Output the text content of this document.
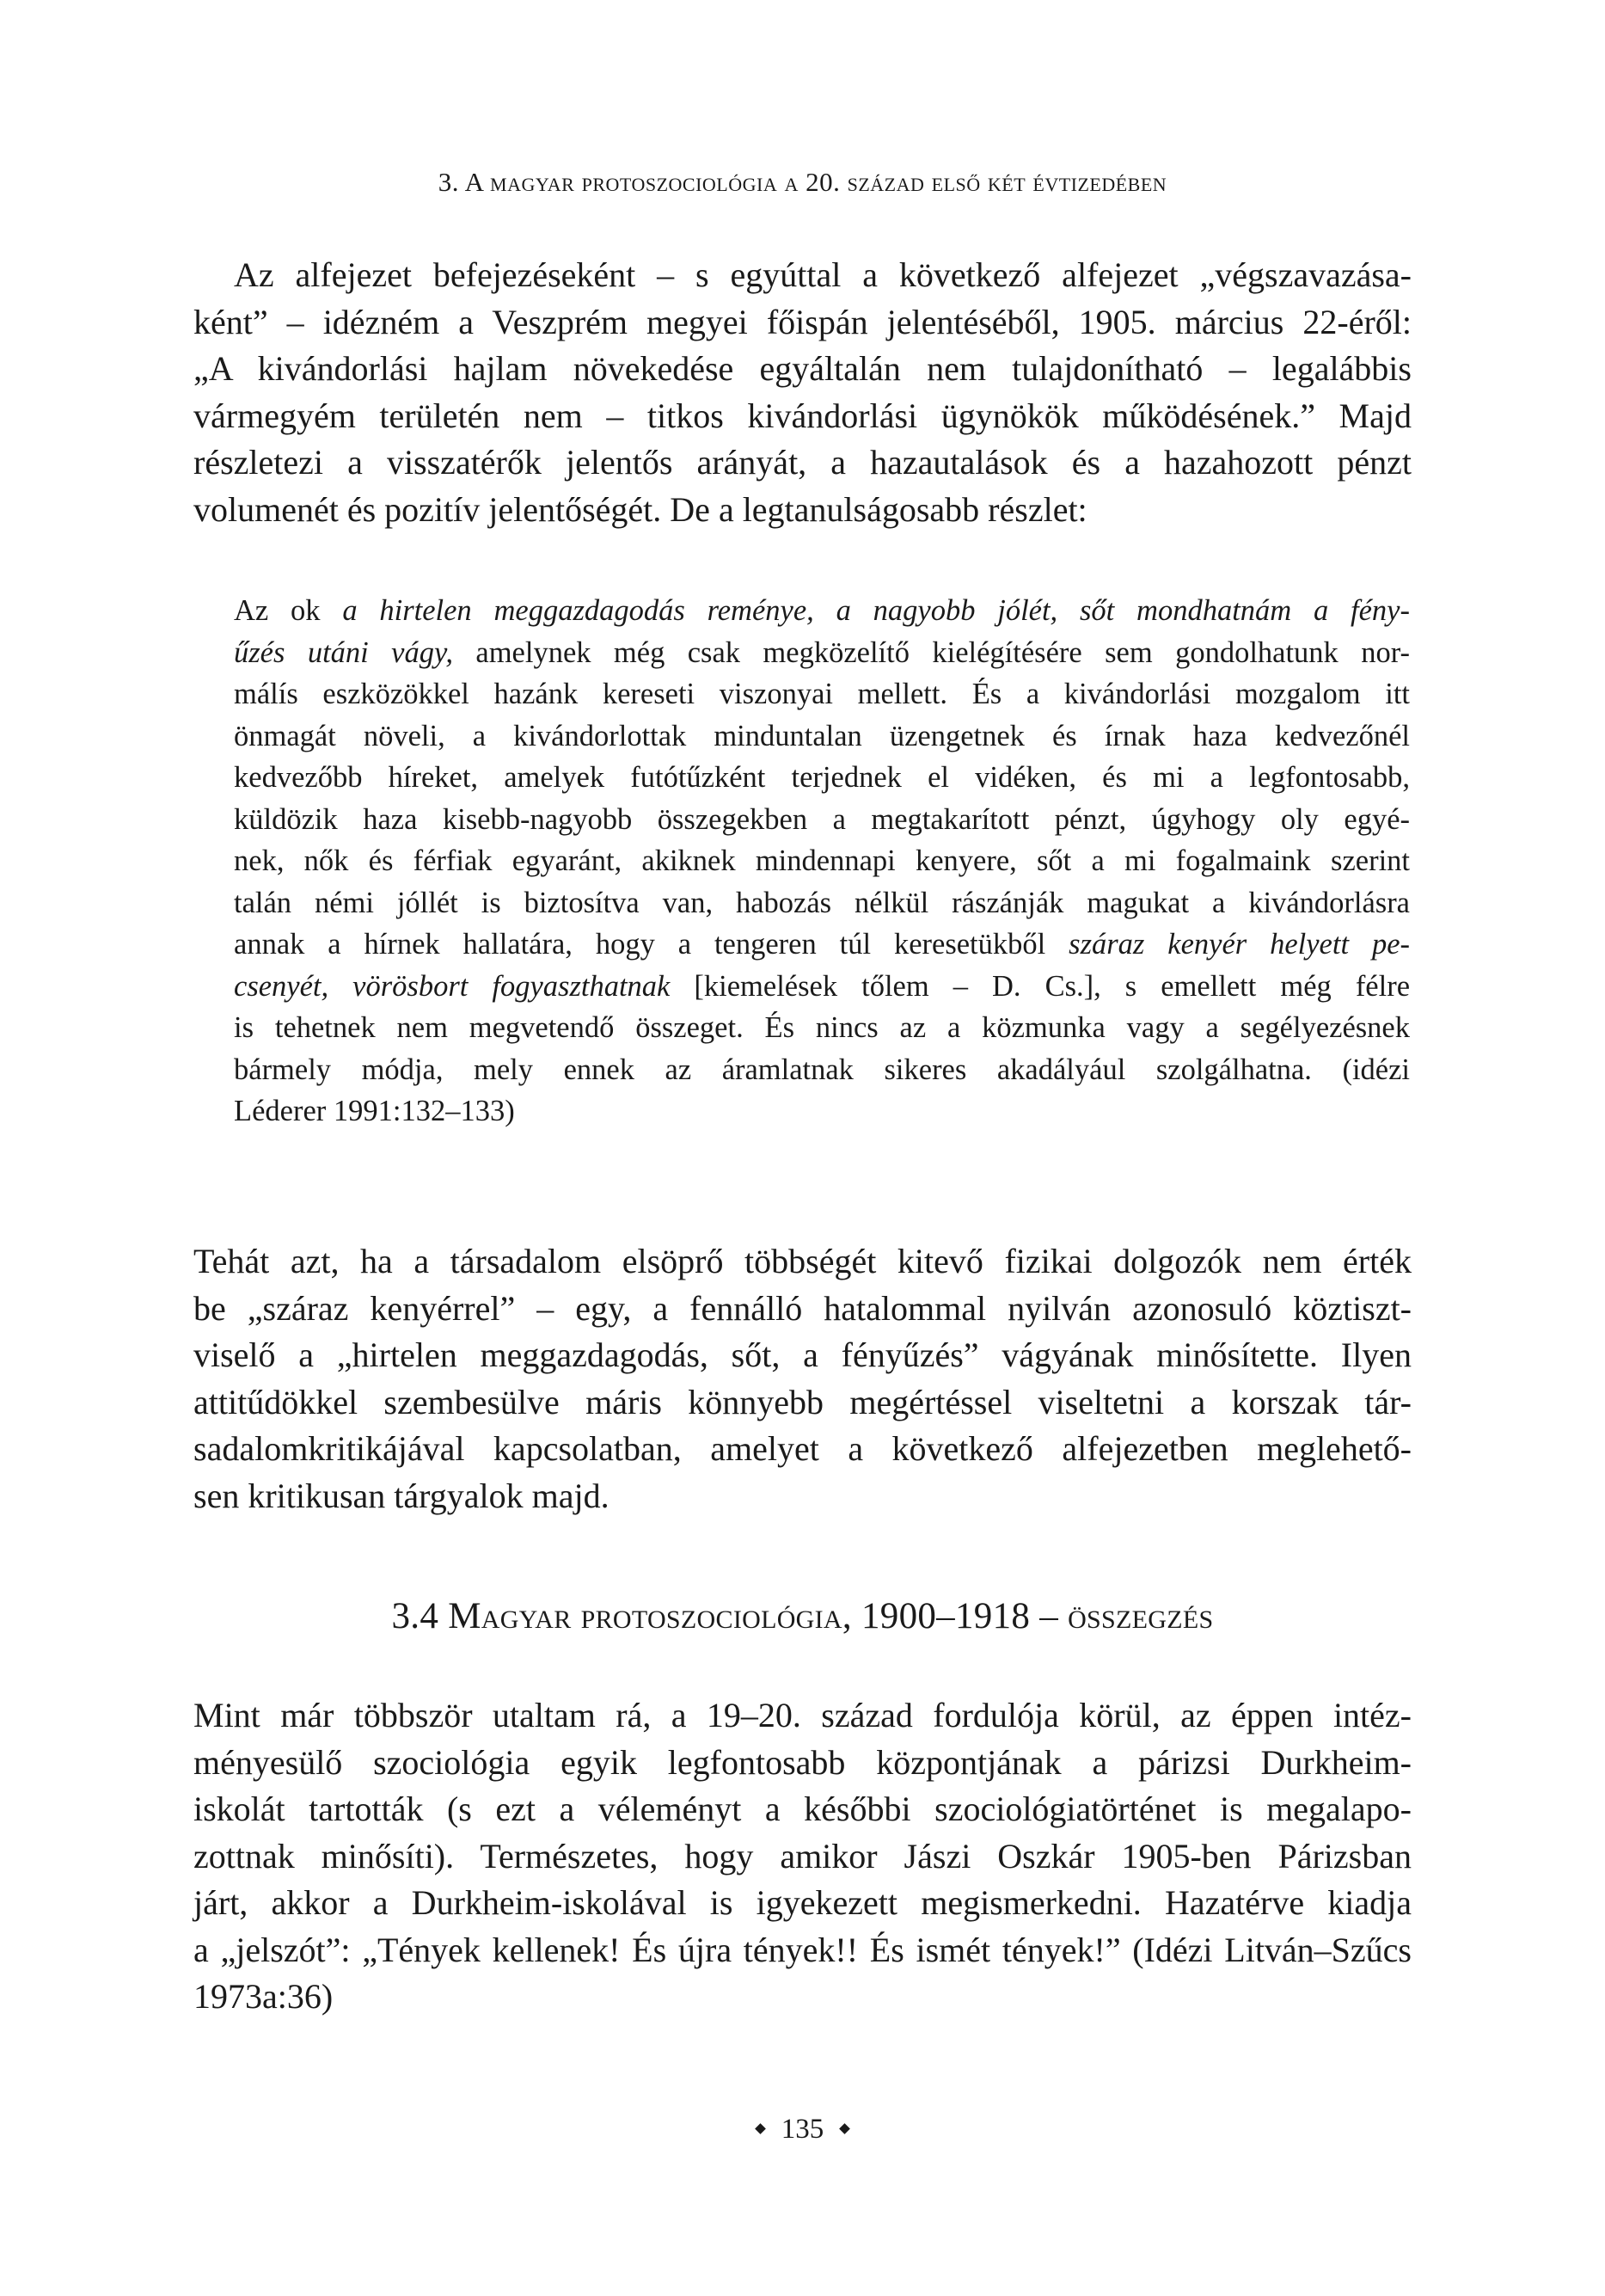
3. A magyar protoszociológia a 20. század első két évtizedében
Az alfejezet befejezéseként – s egyúttal a következő alfejezet „végszavazása-
ként” – idézném a Veszprém megyei főispán jelentéséből, 1905. március 22-éről:
„A kivándorlási hajlam növekedése egyáltalán nem tulajdonítható – legalábbis
vármegyém területén nem – titkos kivándorlási ügynökök működésének.” Majd
részletezi a visszatérők jelentős arányát, a hazautalások és a hazahozott pénzt
volumenét és pozitív jelentőségét. De a legtanulságosabb részlet:
Az ok a hirtelen meggazdagodás reménye, a nagyobb jólét, sőt mondhatnám a fény-
űzés utáni vágy, amelynek még csak megközelítő kielégítésére sem gondolhatunk nor-
málís eszközökkel hazánk kereseti viszonyai mellett. És a kivándorlási mozgalom itt
önmagát növeli, a kivándorlottak minduntalan üzengetnek és írnak haza kedvezőnél
kedvezőbb híreket, amelyek futótűzként terjednek el vidéken, és mi a legfontosabb,
küldözik haza kisebb-nagyobb összegekben a megtakarított pénzt, úgyhogy oly egyé-
nek, nők és férfiak egyaránt, akiknek mindennapi kenyere, sőt a mi fogalmaink szerint
talán némi jóllét is biztosítva van, habozás nélkül rászánják magukat a kivándorlásra
annak a hírnek hallatára, hogy a tengeren túl keresetükből száraz kenyér helyett pe-
csenyét, vörösbort fogyaszthatnak [kiemelések tőlem – D. Cs.], s emellett még félre
is tehetnek nem megvetendő összeget. És nincs az a közmunka vagy a segélyezésnek
bármely módja, mely ennek az áramlatnak sikeres akadályául szolgálhatna. (idézi
Léderer 1991:132–133)
Tehát azt, ha a társadalom elsöprő többségét kitevő fizikai dolgozók nem érték
be „száraz kenyérrel” – egy, a fennálló hatalommal nyilván azonosuló köztiszt-
viselő a „hirtelen meggazdagodás, sőt, a fényűzés” vágyának minősítette. Ilyen
attitűdökkel szembesülve máris könnyebb megértéssel viseltetni a korszak tár-
sadalomkritikájával kapcsolatban, amelyet a következő alfejezetben meglehető-
sen kritikusan tárgyalok majd.
3.4 Magyar protoszociológia, 1900–1918 – összegzés
Mint már többször utaltam rá, a 19–20. század fordulója körül, az éppen intéz-
ményesülő szociológia egyik legfontosabb központjának a párizsi Durkheim-
iskolát tartották (s ezt a véleményt a későbbi szociológiatörténet is megalapo-
zottnak minősíti). Természetes, hogy amikor Jászi Oszkár 1905-ben Párizsban
járt, akkor a Durkheim-iskolával is igyekezett megismerkedni. Hazatérve kiadja
a „jelszót”: „Tények kellenek! És újra tények!! És ismét tények!” (Idézi Litván–Szűcs
1973a:36)
135
